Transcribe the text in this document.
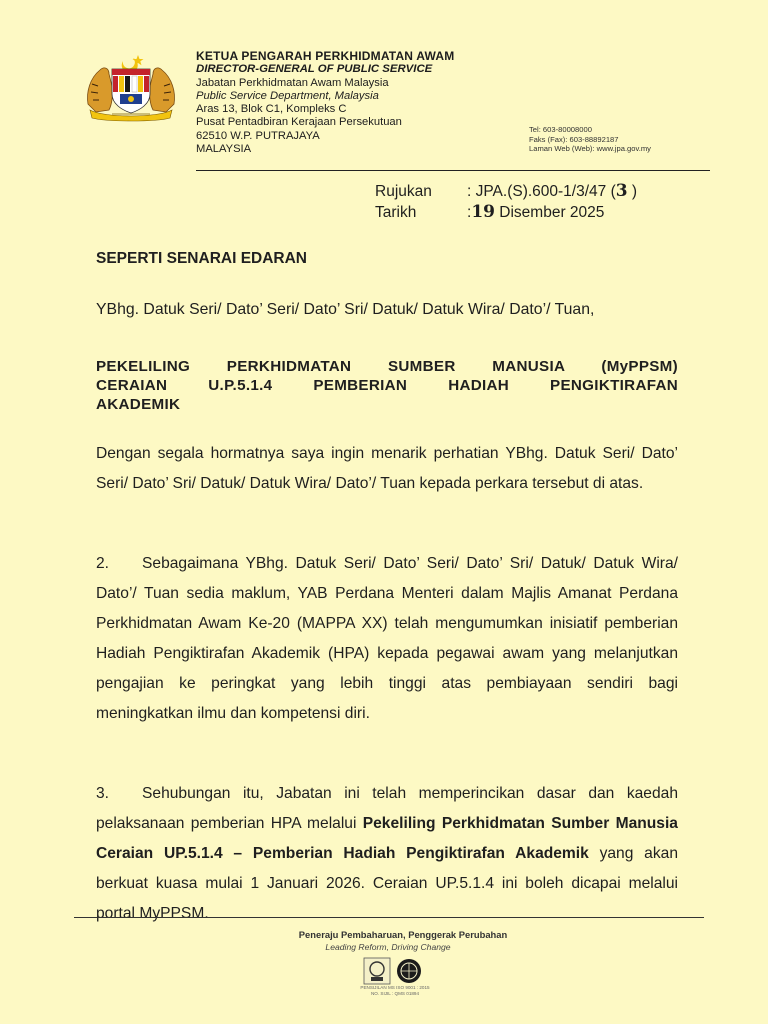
KETUA PENGARAH PERKHIDMATAN AWAM
DIRECTOR-GENERAL OF PUBLIC SERVICE
Jabatan Perkhidmatan Awam Malaysia
Public Service Department, Malaysia
Aras 13, Blok C1, Kompleks C
Pusat Pentadbiran Kerajaan Persekutuan
62510 W.P. PUTRAJAYA
MALAYSIA
Tel: 603-80008000
Faks (Fax): 603-88892187
Laman Web (Web): www.jpa.gov.my
Rujukan	: JPA.(S).600-1/3/47 (3 )
Tarikh	:19 Disember 2025
SEPERTI SENARAI EDARAN
YBhg. Datuk Seri/ Dato’ Seri/ Dato’ Sri/ Datuk/ Datuk Wira/ Dato’/ Tuan,
PEKELILING PERKHIDMATAN SUMBER MANUSIA (MyPPSM)
CERAIAN U.P.5.1.4 PEMBERIAN HADIAH PENGIKTIRAFAN
AKADEMIK
Dengan segala hormatnya saya ingin menarik perhatian YBhg. Datuk Seri/ Dato’ Seri/ Dato’ Sri/ Datuk/ Datuk Wira/ Dato’/ Tuan kepada perkara tersebut di atas.
2. Sebagaimana YBhg. Datuk Seri/ Dato’ Seri/ Dato’ Sri/ Datuk/ Datuk Wira/ Dato’/ Tuan sedia maklum, YAB Perdana Menteri dalam Majlis Amanat Perdana Perkhidmatan Awam Ke-20 (MAPPA XX) telah mengumumkan inisiatif pemberian Hadiah Pengiktirafan Akademik (HPA) kepada pegawai awam yang melanjutkan pengajian ke peringkat yang lebih tinggi atas pembiayaan sendiri bagi meningkatkan ilmu dan kompetensi diri.
3. Sehubungan itu, Jabatan ini telah memperincikan dasar dan kaedah pelaksanaan pemberian HPA melalui Pekeliling Perkhidmatan Sumber Manusia Ceraian UP.5.1.4 – Pemberian Hadiah Pengiktirafan Akademik yang akan berkuat kuasa mulai 1 Januari 2026. Ceraian UP.5.1.4 ini boleh dicapai melalui portal MyPPSM.
Peneraju Pembaharuan, Penggerak Perubahan
Leading Reform, Driving Change
PENSIJILAN MS ISO 9001 : 2015
NO. SIJIL : QMS 01894
